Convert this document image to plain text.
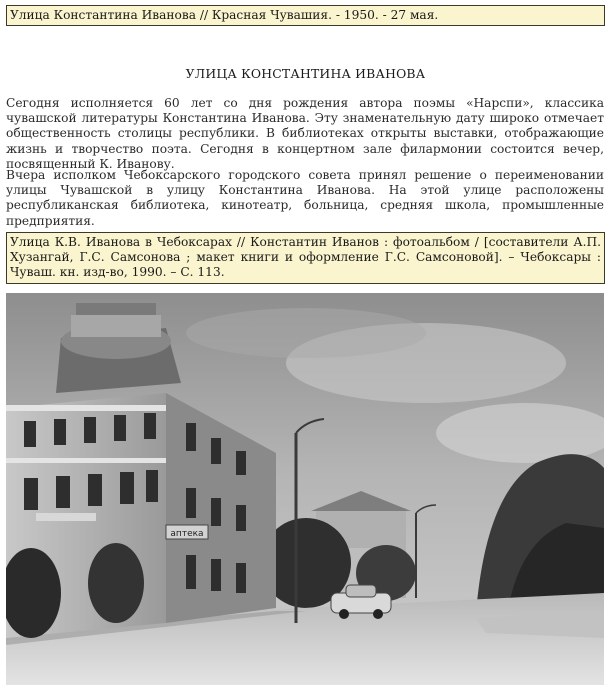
Улица Константина Иванова // Красная Чувашия. - 1950. - 27 мая.
УЛИЦА КОНСТАНТИНА ИВАНОВА
Сегодня исполняется 60 лет со дня рождения автора поэмы «Нарспи», классика чувашской литературы Константина Иванова. Эту знаменательную дату широко отмечает общественность столицы республики. В библиотеках открыты выставки, отображающие жизнь и творчество поэта. Сегодня в концертном зале филармонии состоится вечер, посвященный К. Иванову.
Вчера исполком Чебоксарского городского совета принял решение о переименовании улицы Чувашской в улицу Константина Иванова. На этой улице расположены республиканская библиотека, кинотеатр, больница, средняя школа, промышленные предприятия.
Улица К.В. Иванова в Чебоксарах // Константин Иванов : фотоальбом / [составители А.П. Хузангай, Г.С. Самсонова ; макет книги и оформление Г.С. Самсоновой]. – Чебоксары : Чуваш. кн. изд-во, 1990. – С. 113.
аптека
